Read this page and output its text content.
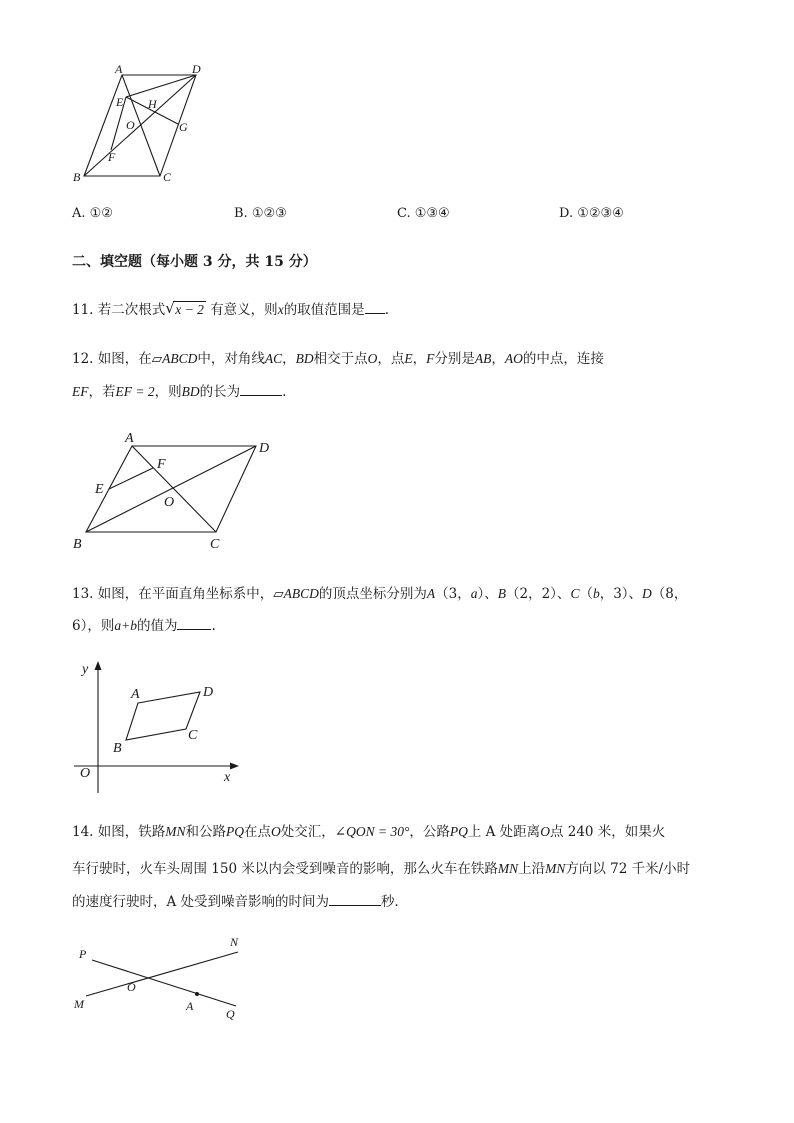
A	D
E H
O	G
F
B	C
A. ①②	B. ①②③	C. ①③④	D. ①②③④
二、填空题（每小题 3 分，共 15 分）
11. 若二次根式 √ x − 2 有意义，则x的取值范围是 .
12. 如图，在▱ABCD中，对角线AC，BD相交于点O，点E，F分别是AB，AO的中点，连接
EF，若EF = 2，则BD的长为	.
A
D
F
E
O
B	C
13. 如图，在平面直角坐标系中，▱ABCD的顶点坐标分别为A（3，a）、B（2，2）、C（b，3）、D（8，
6），则a+b的值为	.
y
x
O
A	D
B
C
14. 如图，铁路MN和公路PQ在点O处交汇，∠QON = 30°，公路PQ上 A 处距离O点 240 米，如果火
车行驶时，火车头周围 150 米以内会受到噪音的影响，那么火车在铁路MN上沿MN方向以 72 千米/小时
的速度行驶时，A 处受到噪音影响的时间为	秒．
P
N
O
M	A
Q
